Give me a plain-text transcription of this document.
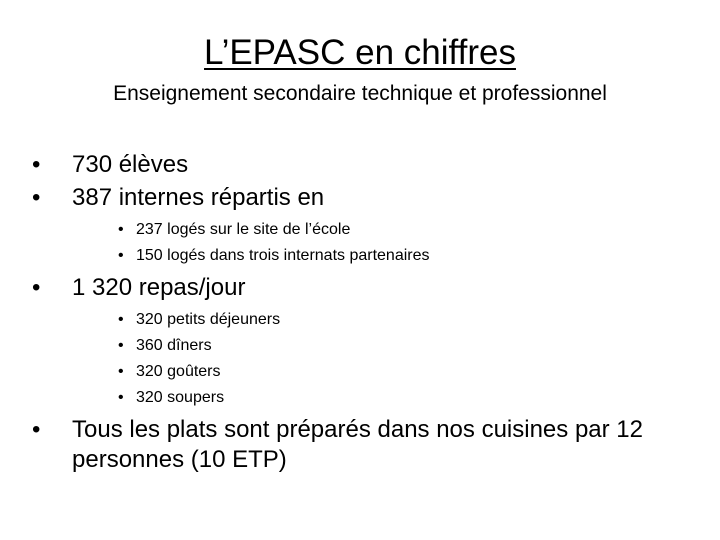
L’EPASC en chiffres
Enseignement secondaire technique et professionnel
•	730 élèves
•	387 internes répartis en
• 237 logés sur le site de l’école
• 150 logés dans trois internats partenaires
•	1 320 repas/jour
• 320 petits déjeuners
• 360 dîners
• 320 goûters
• 320 soupers
•	Tous les plats sont préparés dans nos cuisines par 12 personnes (10 ETP)
